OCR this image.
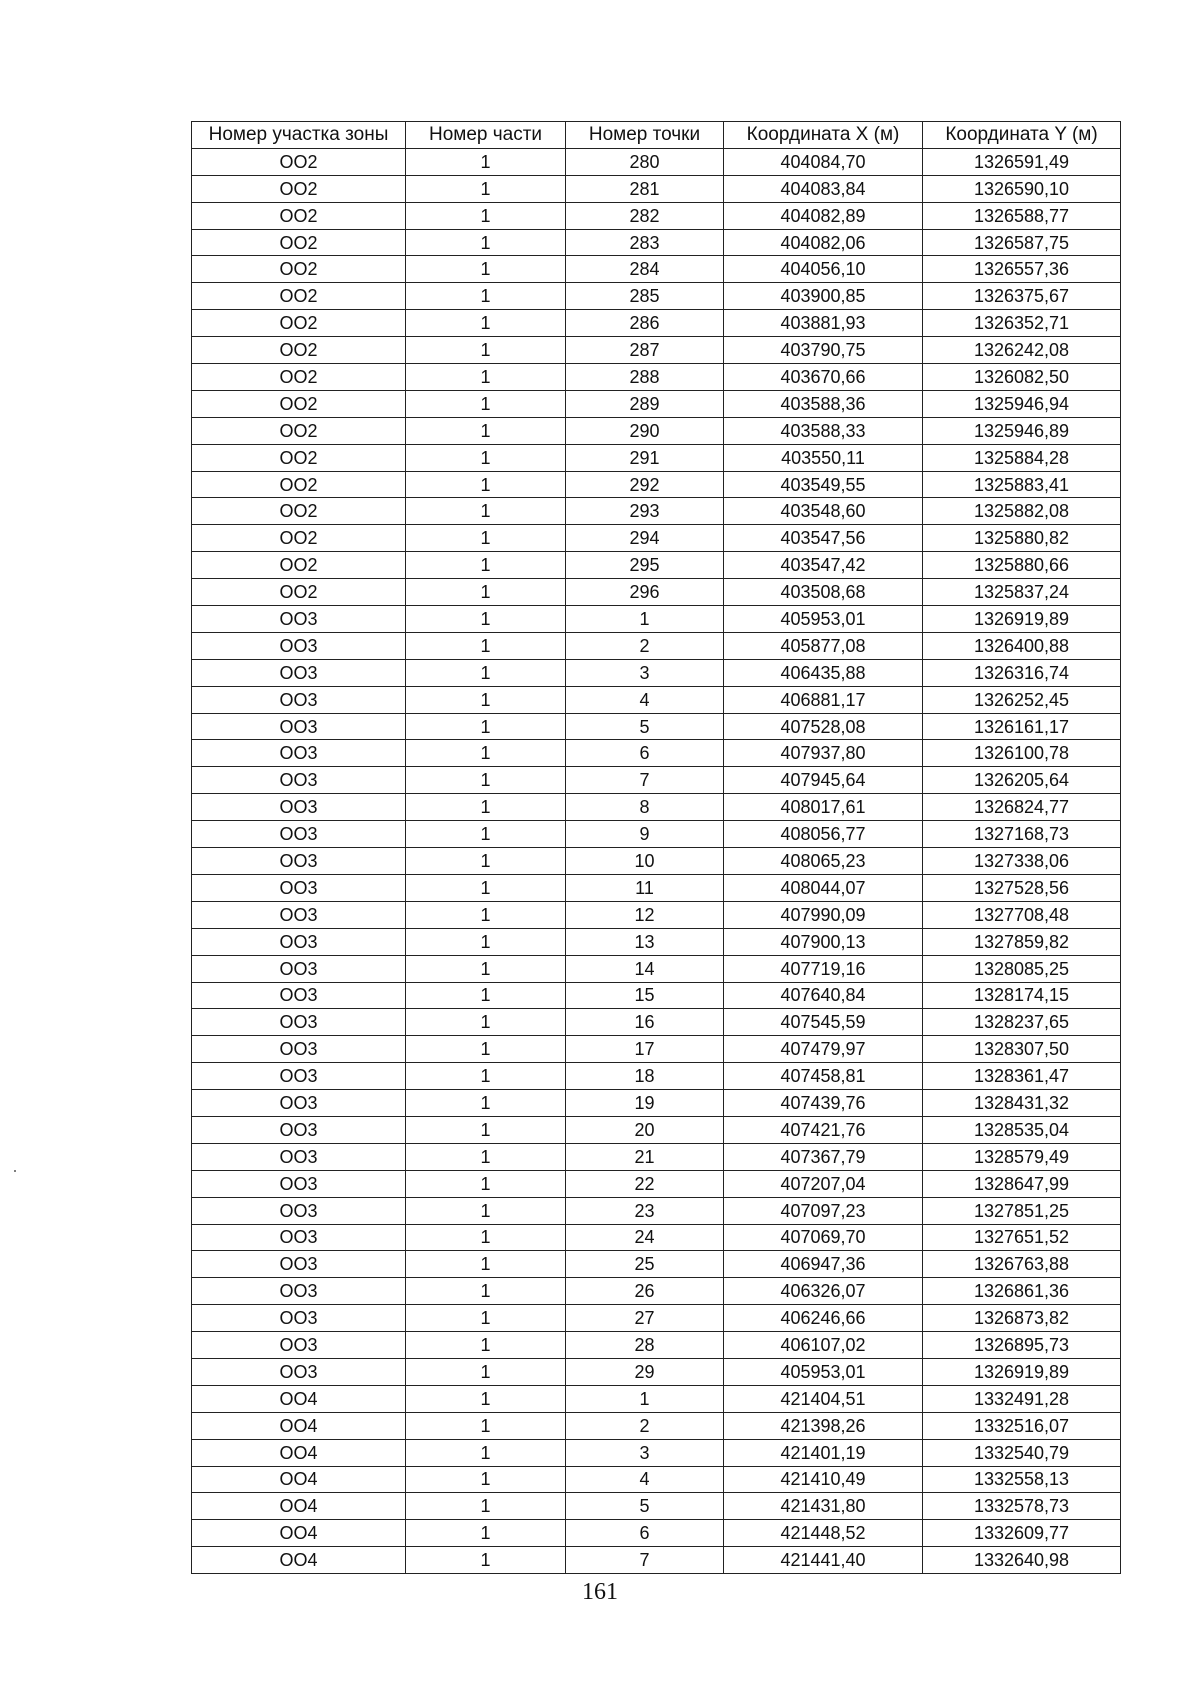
Номер участка зоны	Номер части	Номер точки	Координата X (м)	Координата Y (м)
OO2	1	280	404084,70	1326591,49
OO2	1	281	404083,84	1326590,10
OO2	1	282	404082,89	1326588,77
OO2	1	283	404082,06	1326587,75
OO2	1	284	404056,10	1326557,36
OO2	1	285	403900,85	1326375,67
OO2	1	286	403881,93	1326352,71
OO2	1	287	403790,75	1326242,08
OO2	1	288	403670,66	1326082,50
OO2	1	289	403588,36	1325946,94
OO2	1	290	403588,33	1325946,89
OO2	1	291	403550,11	1325884,28
OO2	1	292	403549,55	1325883,41
OO2	1	293	403548,60	1325882,08
OO2	1	294	403547,56	1325880,82
OO2	1	295	403547,42	1325880,66
OO2	1	296	403508,68	1325837,24
OO3	1	1	405953,01	1326919,89
OO3	1	2	405877,08	1326400,88
OO3	1	3	406435,88	1326316,74
OO3	1	4	406881,17	1326252,45
OO3	1	5	407528,08	1326161,17
OO3	1	6	407937,80	1326100,78
OO3	1	7	407945,64	1326205,64
OO3	1	8	408017,61	1326824,77
OO3	1	9	408056,77	1327168,73
OO3	1	10	408065,23	1327338,06
OO3	1	11	408044,07	1327528,56
OO3	1	12	407990,09	1327708,48
OO3	1	13	407900,13	1327859,82
OO3	1	14	407719,16	1328085,25
OO3	1	15	407640,84	1328174,15
OO3	1	16	407545,59	1328237,65
OO3	1	17	407479,97	1328307,50
OO3	1	18	407458,81	1328361,47
OO3	1	19	407439,76	1328431,32
OO3	1	20	407421,76	1328535,04
OO3	1	21	407367,79	1328579,49
OO3	1	22	407207,04	1328647,99
OO3	1	23	407097,23	1327851,25
OO3	1	24	407069,70	1327651,52
OO3	1	25	406947,36	1326763,88
OO3	1	26	406326,07	1326861,36
OO3	1	27	406246,66	1326873,82
OO3	1	28	406107,02	1326895,73
OO3	1	29	405953,01	1326919,89
OO4	1	1	421404,51	1332491,28
OO4	1	2	421398,26	1332516,07
OO4	1	3	421401,19	1332540,79
OO4	1	4	421410,49	1332558,13
OO4	1	5	421431,80	1332578,73
OO4	1	6	421448,52	1332609,77
OO4	1	7	421441,40	1332640,98
161
